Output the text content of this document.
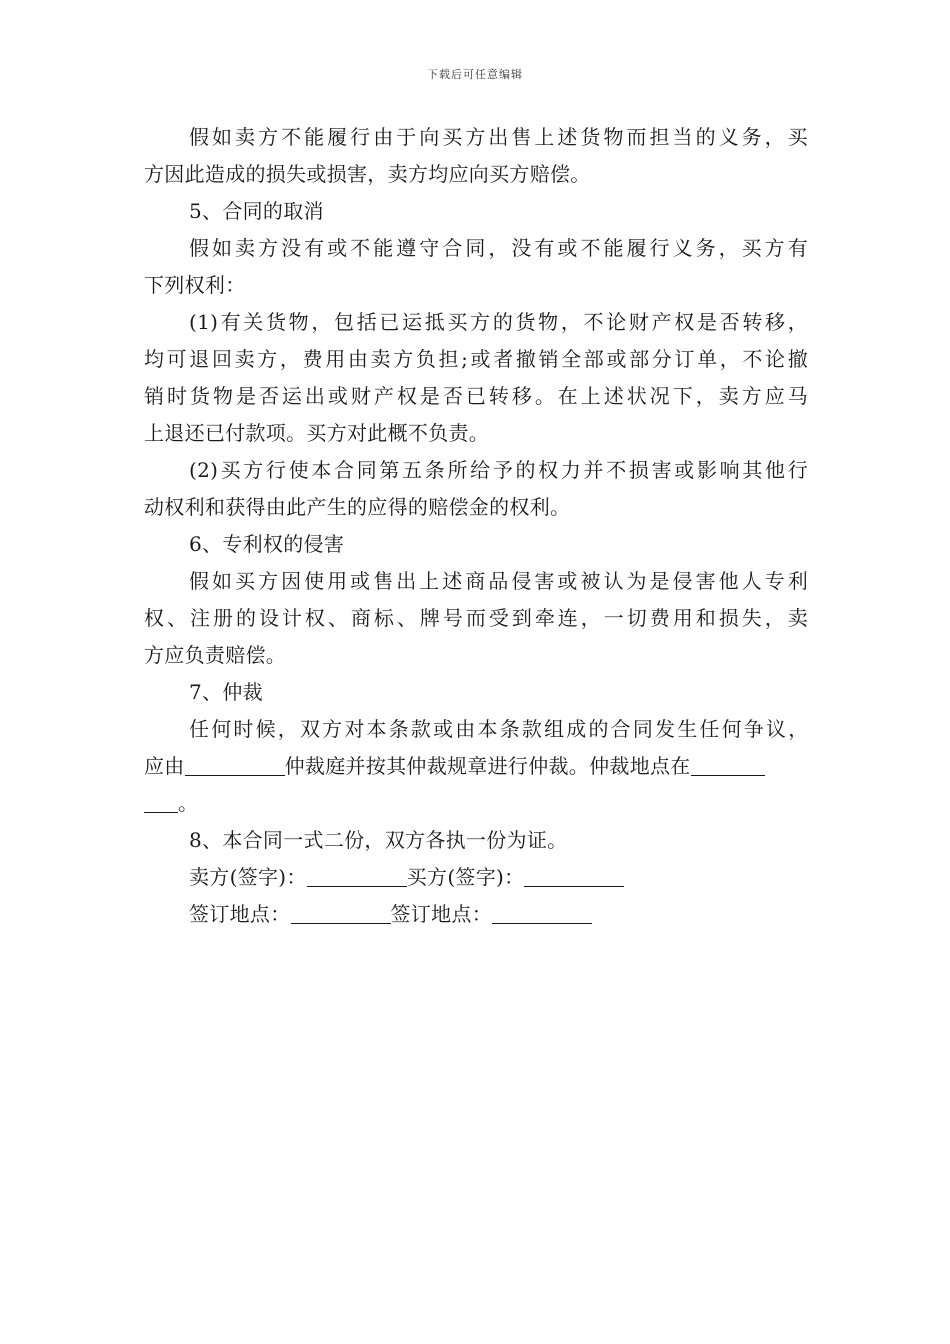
下载后可任意编辑
假如卖方不能履行由于向买方出售上述货物而担当的义务，买
方因此造成的损失或损害，卖方均应向买方赔偿。
5、合同的取消
假如卖方没有或不能遵守合同，没有或不能履行义务，买方有
下列权利：
(1)有关货物，包括已运抵买方的货物，不论财产权是否转移，
均可退回卖方，费用由卖方负担;或者撤销全部或部分订单，不论撤
销时货物是否运出或财产权是否已转移。在上述状况下，卖方应马
上退还已付款项。买方对此概不负责。
(2)买方行使本合同第五条所给予的权力并不损害或影响其他行
动权利和获得由此产生的应得的赔偿金的权利。
6、专利权的侵害
假如买方因使用或售出上述商品侵害或被认为是侵害他人专利
权、注册的设计权、商标、牌号而受到牵连，一切费用和损失，卖
方应负责赔偿。
7、仲裁
任何时候，双方对本条款或由本条款组成的合同发生任何争议，
应由	仲裁庭并按其仲裁规章进行仲裁。仲裁地点在
。
8、本合同一式二份，双方各执一份为证。
卖方(签字)：	买方(签字)：
签订地点：	签订地点：
